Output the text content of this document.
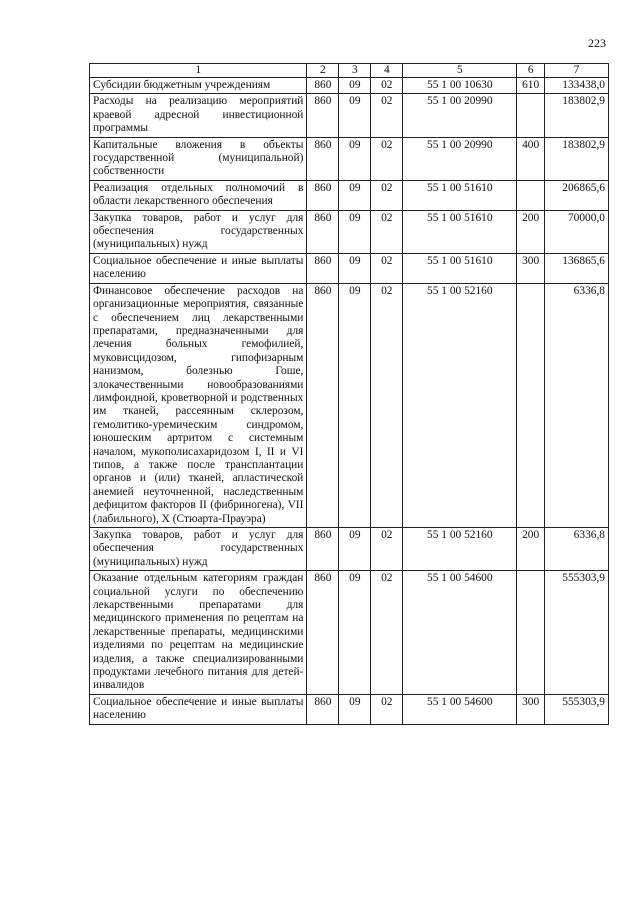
223
1	2	3	4	5	6	7
Субсидии бюджетным учреждениям	860	09	02	55 1 00 10630	610	133438,0
Расходы на реализацию мероприятий краевой адресной инвестиционной программы	860	09	02	55 1 00 20990		183802,9
Капитальные вложения в объекты государственной (муниципальной) собственности	860	09	02	55 1 00 20990	400	183802,9
Реализация отдельных полномочий в области лекарственного обеспечения	860	09	02	55 1 00 51610		206865,6
Закупка товаров, работ и услуг для обеспечения государственных (муниципальных) нужд	860	09	02	55 1 00 51610	200	70000,0
Социальное обеспечение и иные выплаты населению	860	09	02	55 1 00 51610	300	136865,6
Финансовое обеспечение расходов на организационные мероприятия, связанные с обеспечением лиц лекарственными препаратами, предназначенными для лечения больных гемофилией, муковисцидозом, гипофизарным нанизмом, болезнью Гоше, злокачественными новообразованиями лимфоидной, кроветворной и родственных им тканей, рассеянным склерозом, гемолитико-уремическим синдромом, юношеским артритом с системным началом, мукополисахаридозом I, II и VI типов, а также после трансплантации органов и (или) тканей, апластической анемией неуточненной, наследственным дефицитом факторов II (фибриногена), VII (лабильного), X (Стюарта-Прауэра)	860	09	02	55 1 00 52160		6336,8
Закупка товаров, работ и услуг для обеспечения государственных (муниципальных) нужд	860	09	02	55 1 00 52160	200	6336,8
Оказание отдельным категориям граждан социальной услуги по обеспечению лекарственными препаратами для медицинского применения по рецептам на лекарственные препараты, медицинскими изделиями по рецептам на медицинские изделия, а также специализированными продуктами лечебного питания для детей-инвалидов	860	09	02	55 1 00 54600		555303,9
Социальное обеспечение и иные выплаты населению	860	09	02	55 1 00 54600	300	555303,9
